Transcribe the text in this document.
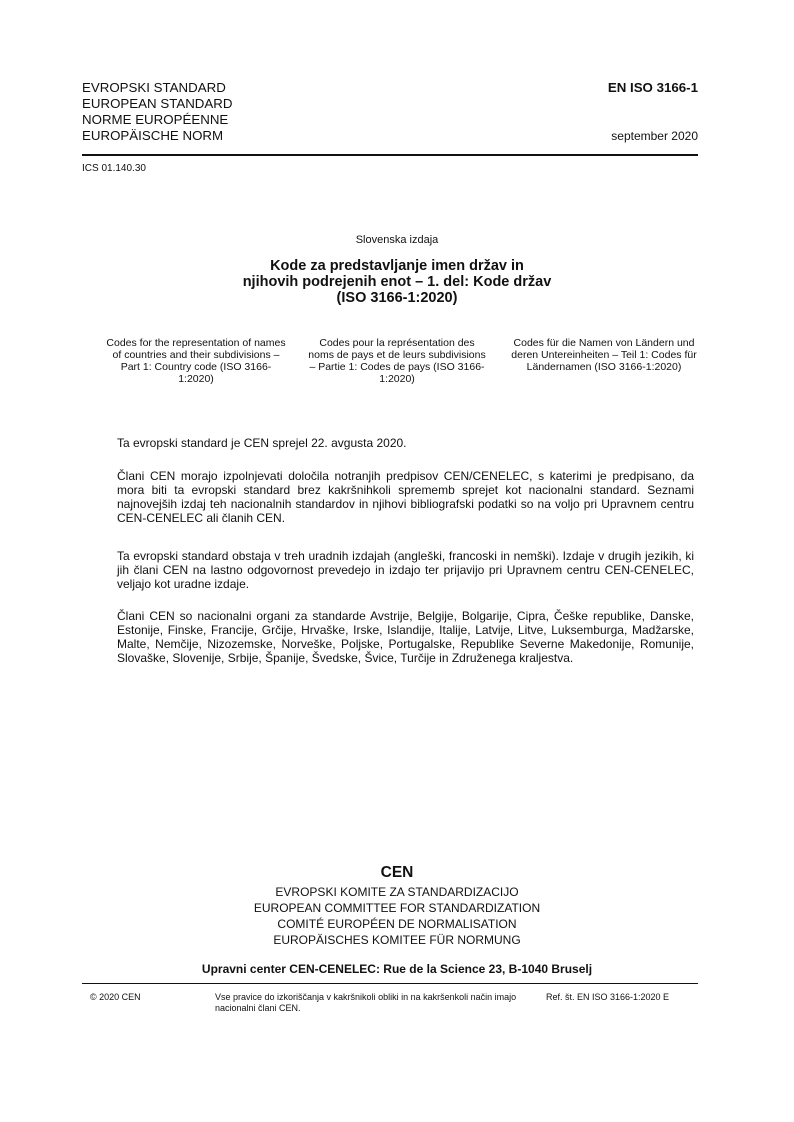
EVROPSKI STANDARD
EUROPEAN STANDARD
NORME EUROPÉENNE
EUROPÄISCHE NORM
EN ISO 3166-1
september 2020
ICS 01.140.30
Slovenska izdaja
Kode za predstavljanje imen držav in
njihovih podrejenih enot – 1. del: Kode držav
(ISO 3166-1:2020)
Codes for the representation of names of countries and their subdivisions – Part 1: Country code (ISO 3166-1:2020)
Codes pour la représentation des noms de pays et de leurs subdivisions – Partie 1: Codes de pays (ISO 3166-1:2020)
Codes für die Namen von Ländern und deren Untereinheiten – Teil 1: Codes für Ländernamen (ISO 3166-1:2020)

Ta evropski standard je CEN sprejel 22. avgusta 2020.

Člani CEN morajo izpolnjevati določila notranjih predpisov CEN/CENELEC, s katerimi je predpisano, da mora biti ta evropski standard brez kakršnihkoli sprememb sprejet kot nacionalni standard. Seznami najnovejših izdaj teh nacionalnih standardov in njihovi bibliografski podatki so na voljo pri Upravnem centru CEN-CENELEC ali članih CEN.

Ta evropski standard obstaja v treh uradnih izdajah (angleški, francoski in nemški). Izdaje v drugih jezikih, ki jih člani CEN na lastno odgovornost prevedejo in izdajo ter prijavijo pri Upravnem centru CEN-CENELEC, veljajo kot uradne izdaje.

Člani CEN so nacionalni organi za standarde Avstrije, Belgije, Bolgarije, Cipra, Češke republike, Danske, Estonije, Finske, Francije, Grčije, Hrvaške, Irske, Islandije, Italije, Latvije, Litve, Luksemburga, Madžarske, Malte, Nemčije, Nizozemske, Norveške, Poljske, Portugalske, Republike Severne Makedonije, Romunije, Slovaške, Slovenije, Srbije, Španije, Švedske, Švice, Turčije in Združenega kraljestva.

CEN
EVROPSKI KOMITE ZA STANDARDIZACIJO
EUROPEAN COMMITTEE FOR STANDARDIZATION
COMITÉ EUROPÉEN DE NORMALISATION
EUROPÄISCHES KOMITEE FÜR NORMUNG
Upravni center CEN-CENELEC: Rue de la Science 23, B-1040 Bruselj
© 2020 CEN	Vse pravice do izkoriščanja v kakršnikoli obliki in na kakršenkoli način imajo nacionalni člani CEN.
Ref. št. EN ISO 3166-1:2020 E
